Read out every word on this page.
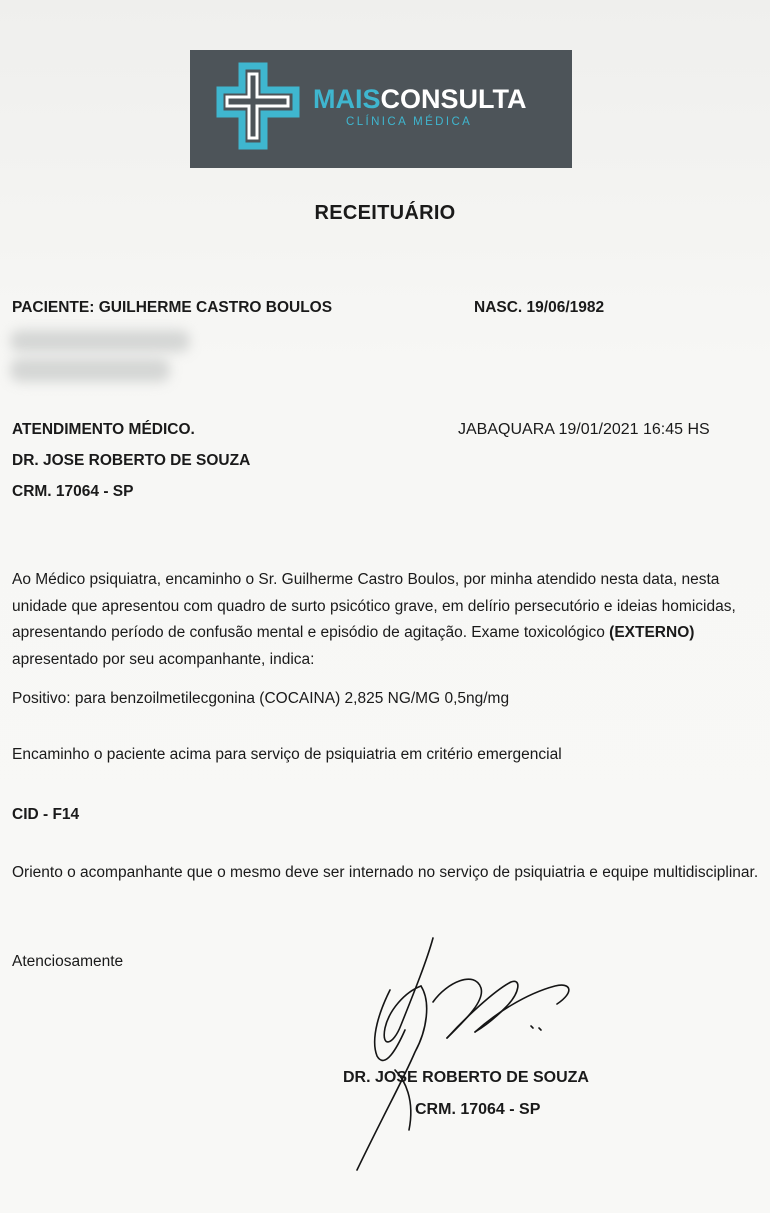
MAISCONSULTA
CLÍNICA MÉDICA
RECEITUÁRIO
PACIENTE: GUILHERME CASTRO BOULOS	NASC. 19/06/1982
ATENDIMENTO MÉDICO.	JABAQUARA 19/01/2021 16:45 HS
DR. JOSE ROBERTO DE SOUZA
CRM. 17064 - SP
Ao Médico psiquiatra, encaminho o Sr. Guilherme Castro Boulos, por minha atendido nesta data, nesta unidade que apresentou com quadro de surto psicótico grave, em delírio persecutório e ideias homicidas, apresentando período de confusão mental e episódio de agitação. Exame toxicológico (EXTERNO) apresentado por seu acompanhante, indica:
Positivo: para benzoilmetilecgonina (COCAINA) 2,825 NG/MG 0,5ng/mg
Encaminho o paciente acima para serviço de psiquiatria em critério emergencial
CID - F14
Oriento o acompanhante que o mesmo deve ser internado no serviço de psiquiatria e equipe multidisciplinar.
Atenciosamente
DR. JOSE ROBERTO DE SOUZA
CRM. 17064 - SP
